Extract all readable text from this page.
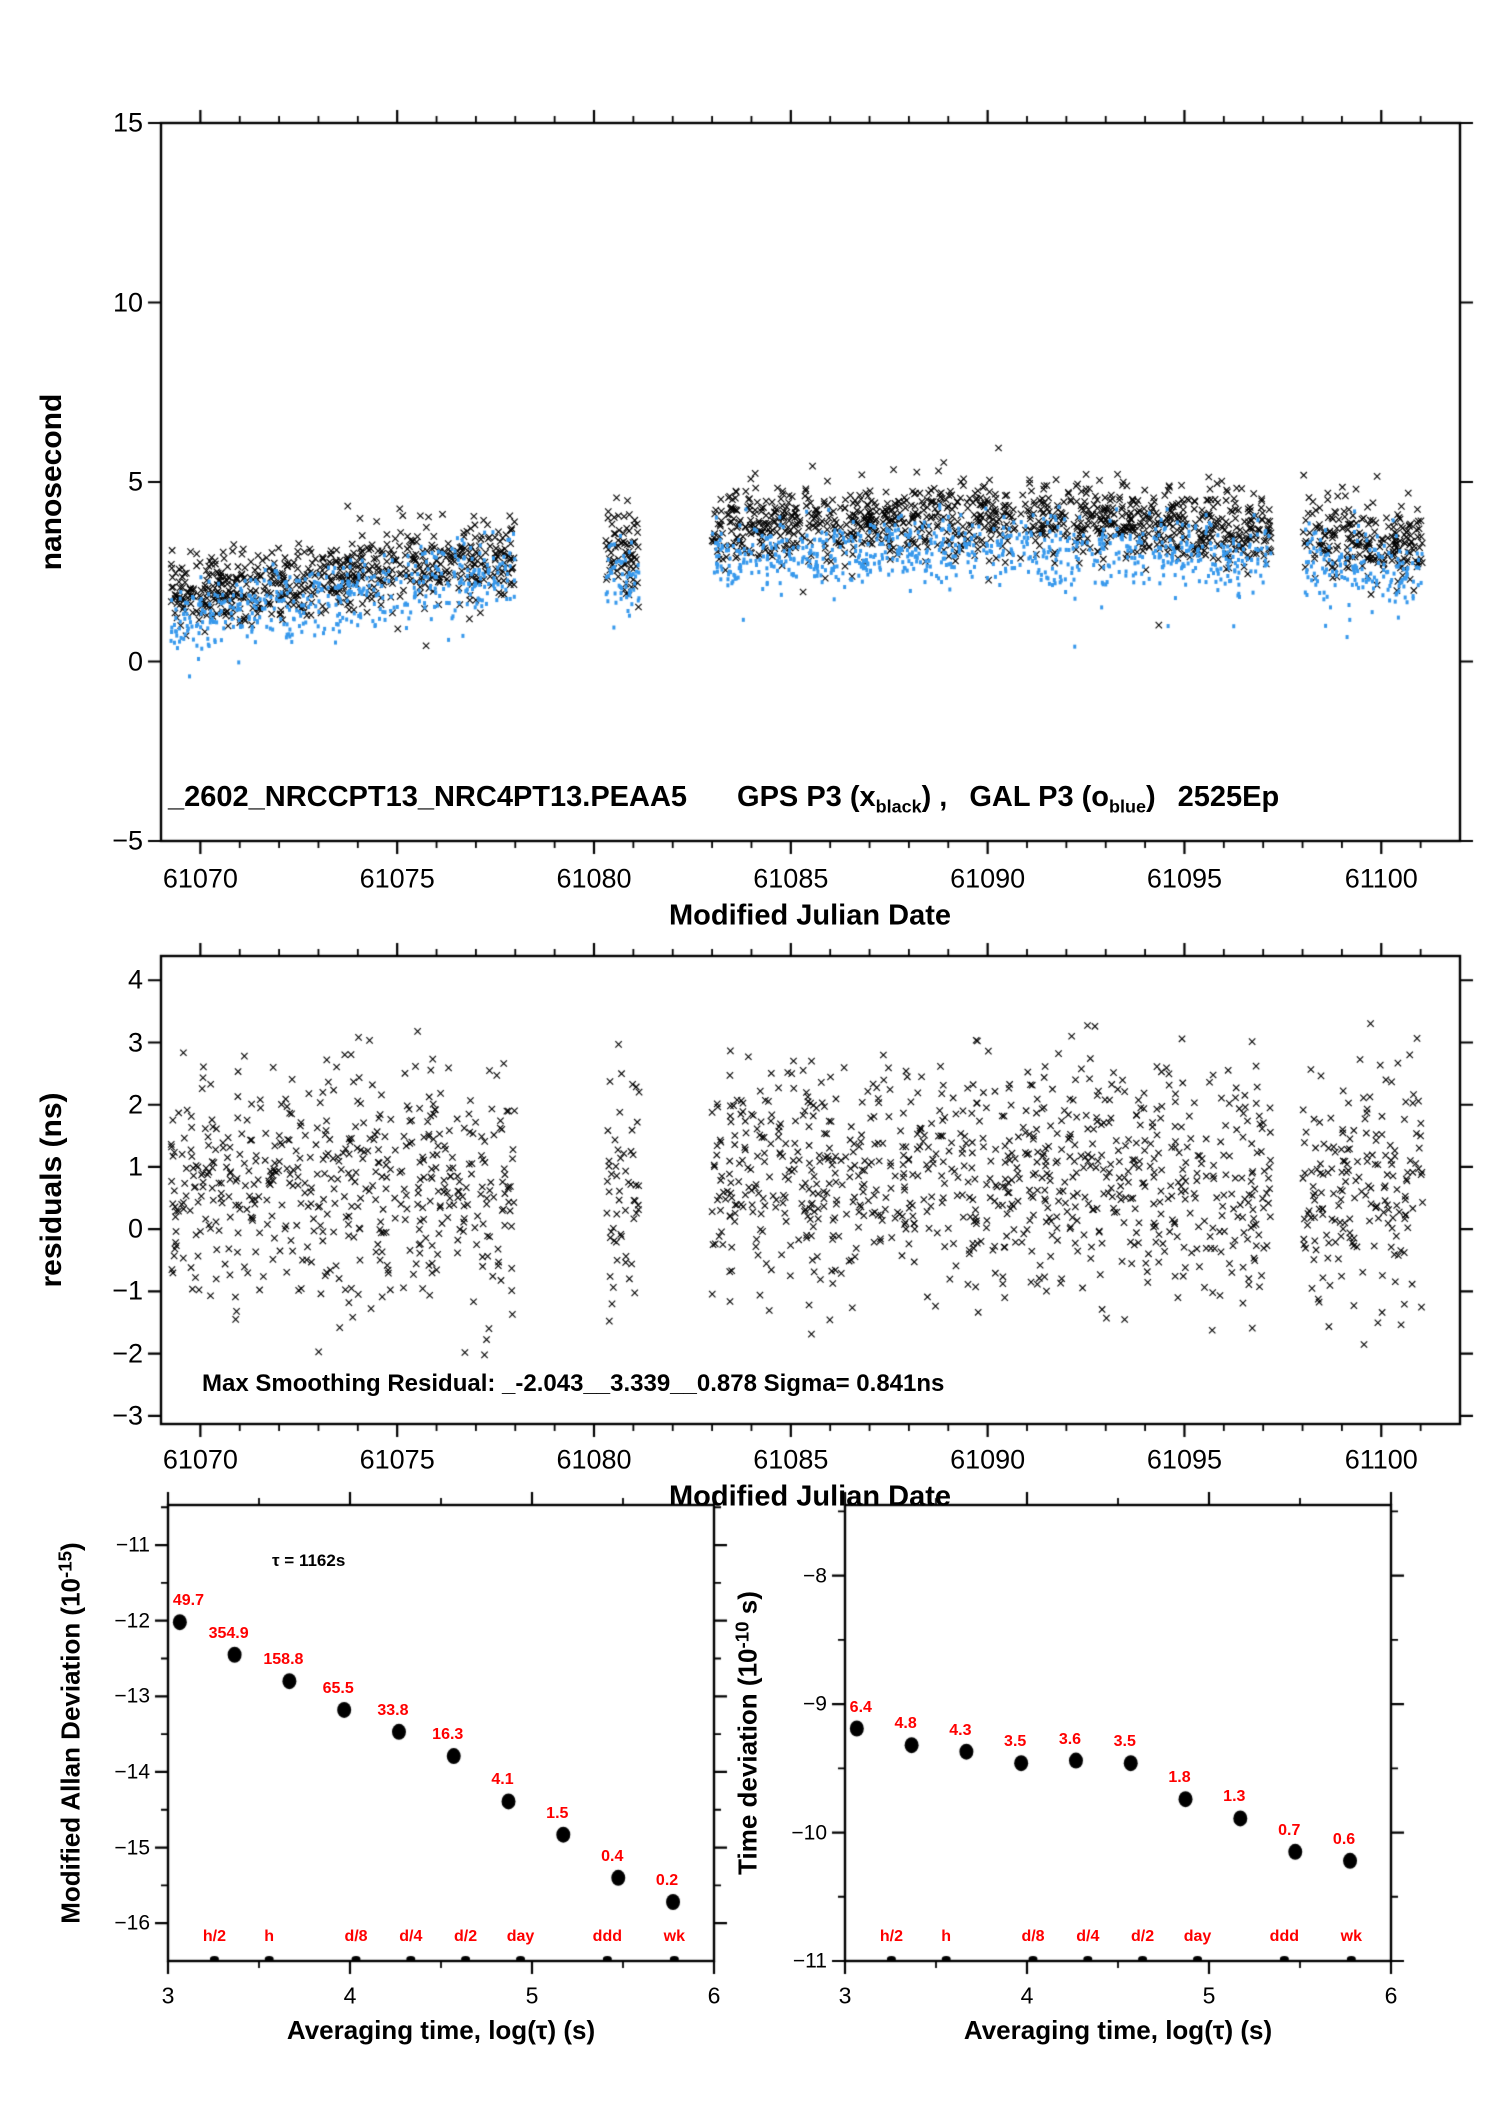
nanosecond
Modified Julian Date
_2602_NRCCPT13_NRC4PT13.PEAA5 GPS P3 $(x_{black})$ , GAL P3 $(o_{blue})$ 2525Ep
residuals (ns)
Modified Julian Date
Max Smoothing Residual: _-2.043__3.339__0.878 Sigma= 0.841ns
Modified Allan Deviation $(10^{-15})$
Averaging time, log(τ) (s)
τ = 1162s
Time deviation ($10^{-10}$ s)
Averaging time, log(τ) (s)
61070	61075	61080	61085	61090	61095	61100
15
10
5
0
−5
61070	61075	61080	61085	61090	61095	61100
4
3
2
1
0
−1
−2
−3
3	4	5	6
−11
−12
−13
−14
−15
−16
49.7
354.9
158.8
65.5
33.8
16.3
4.1
1.5
0.4
0.2
h/2 h	d/8 d/4 d/2 day	ddd	wk
3	4	5	6
−8
−9
−10
−11
6.4
4.8 4.3
3.5 3.6 3.5
1.8
1.3
0.7
0.6
h/2 h	d/8 d/4 d/2 day	ddd	wk
